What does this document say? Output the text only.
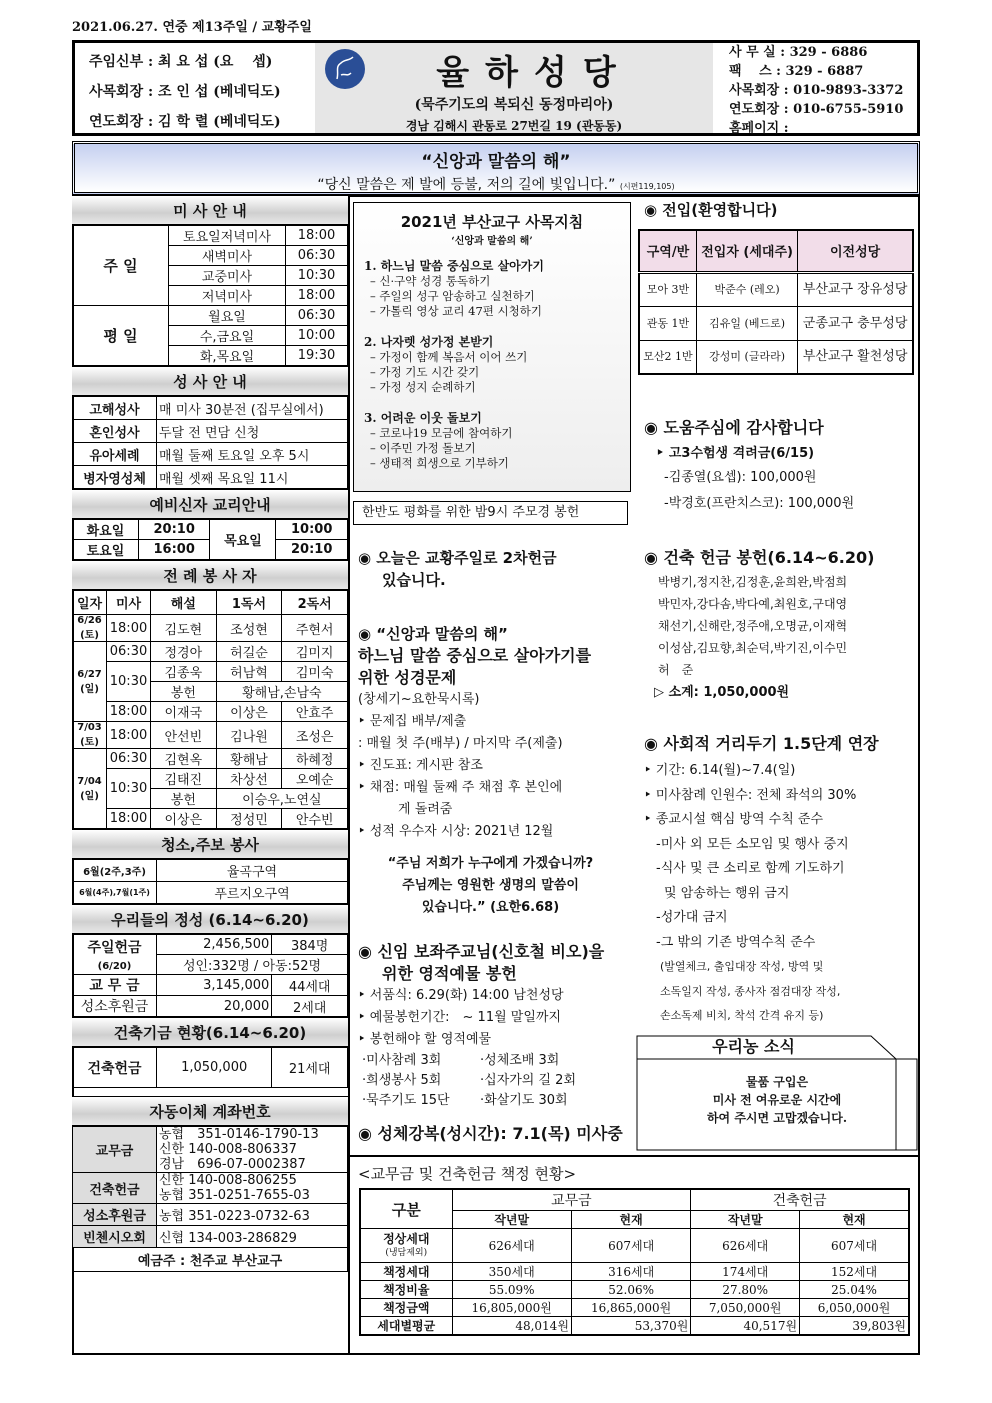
2021.06.27. 연중 제13주일 / 교황주일
주임신부 : 최 요 섭 (요　 셉)
사목회장 : 조 인 섭 (베네딕도)
연도회장 : 김 학 렬 (베네딕도)
율하성당
(묵주기도의 복되신 동정마리아)
경남 김해시 관동로 27번길 19 (관동동)
사 무 실 : 329 - 6886
팩　 스 : 329 - 6887
사목회장 : 010-9893-3372
연도회장 : 010-6755-5910
홈페이지 :
“신앙과 말씀의 해”
“당신 말씀은 제 발에 등불, 저의 길에 빛입니다.” (시편119,105)
미 사 안 내
주 일	토요일저녁미사	18:00
	새벽미사	06:30
	교중미사	10:30
	저녁미사	18:00
평 일	월요일	06:30
	수,금요일	10:00
	화,목요일	19:30
성 사 안 내
고해성사	매 미사 30분전 (집무실에서)
혼인성사	두달 전 면담 신청
유아세례	매월 둘째 토요일 오후 5시
병자영성체	매월 셋째 목요일 11시
예비신자 교리안내
화요일	20:10	목요일	10:00
토요일	16:00		20:10
전 례 봉 사 자
일자	미사	해설	1독서	2독서
6/26 (토)	18:00	김도현	조성현	주현서
6/27 (일)	06:30	정경아	허길순	김미지
	10:30	김종욱	허남혁	김미숙
		봉헌	황해남,손남숙	
	18:00	이재국	이상은	안효주
7/03 (토)	18:00	안선빈	김나원	조성은
7/04 (일)	06:30	김현옥	황해남	하혜정
	10:30	김태진	차상선	오예순
		봉헌	이승우,노연실	
	18:00	이상은	정성민	안수빈
청소,주보 봉사
6월(2주,3주)	율곡구역
6월(4주),7월(1주)	푸르지오구역
우리들의 정성 (6.14~6.20)
주일헌금
(6/20)	2,456,500	384명
	성인:332명 / 아동:52명	
교 무 금	3,145,000	44세대
성소후원금	20,000	2세대
건축기금 현황(6.14~6.20)
건축헌금	1,050,000	21세대
자동이체 계좌번호
교무금	농협　351-0146-1790-13
신한 140-008-806337
경남　696-07-0002387

건축헌금	신한 140-008-806255
농협 351-0251-7655-03

성소후원금	농협 351-0223-0732-63
빈첸시오회	신협 134-003-286829
예금주 : 천주교 부산교구	
2021년 부산교구 사목지침
‘신앙과 말씀의 해’
1. 하느님 말씀 중심으로 살아가기
– 신·구약 성경 통독하기
– 주일의 성구 암송하고 실천하기
– 가톨릭 영상 교리 47편 시청하기
2. 나자렛 성가정 본받기
– 가정이 함께 복음서 이어 쓰기
– 가정 기도 시간 갖기
– 가정 성지 순례하기
3. 어려운 이웃 돌보기
– 코로나19 모금에 참여하기
– 이주민 가정 돌보기
– 생태적 희생으로 기부하기
한반도 평화를 위한 밤9시 주모경 봉헌
◉ 오늘은 교황주일로 2차헌금
있습니다.
◉ “신앙과 말씀의 해”
하느님 말씀 중심으로 살아가기를
위한 성경문제
(창세기~요한묵시록)
‣ 문제집 배부/제출
: 매월 첫 주(배부) / 마지막 주(제출)
‣ 진도표: 게시판 참조
‣ 채점: 매월 둘째 주 채점 후 본인에
게 돌려줌
‣ 성적 우수자 시상: 2021년 12월
“주님 저희가 누구에게 가겠습니까?
주님께는 영원한 생명의 말씀이
있습니다.” (요한6.68)
◉ 신임 보좌주교님(신호철 비오)을
위한 영적예물 봉헌
‣ 서품식: 6.29(화) 14:00 남천성당
‣ 예물봉헌기간:　~ 11월 말일까지
‣ 봉헌해야 할 영적예물
·미사참례 3회	·성체조배 3회
·희생봉사 5회	·십자가의 길 2회
·묵주기도 15단	·화살기도 30회
◉ 성체강복(성시간): 7.1(목) 미사중
◉ 전입(환영합니다)
구역/반	전입자 (세대주)	이전성당
모아 3반	박준수 (레오)	부산교구 장유성당
관동 1반	김유일 (베드로)	군종교구 충무성당
모산2 1반	강성미 (글라라)	부산교구 활천성당
◉ 도움주심에 감사합니다
‣ 고3수험생 격려금(6/15)
-김종열(요셉): 100,000원
-박경호(프란치스코): 100,000원
◉ 건축 헌금 봉헌(6.14~6.20)
박병기,정지찬,김정훈,윤희완,박점희
박민자,강다솜,박다예,최원호,구대영
채선기,신해란,정주애,오명균,이재혁
이성삼,김묘향,최순덕,박기진,이수민
허　준
▷ 소계: 1,050,000원
◉ 사회적 거리두기 1.5단계 연장
‣ 기간: 6.14(월)~7.4(일)
‣ 미사참례 인원수: 전체 좌석의 30%
‣ 종교시설 핵심 방역 수칙 준수
-미사 외 모든 소모임 및 행사 중지
-식사 및 큰 소리로 함께 기도하기
및 암송하는 행위 금지
-성가대 금지
-그 밖의 기존 방역수칙 준수
(발열체크, 출입대장 작성, 방역 및
소독일지 작성, 종사자 점검대장 작성,
손소독제 비치, 착석 간격 유지 등)
우리농 소식
물품 구입은
미사 전 여유로운 시간에
하여 주시면 고맙겠습니다.
<교무금 및 건축헌금 책정 현황>
구분	교무금		건축헌금	
	작년말	현재	작년말	현재

정상세대
(냉담제외)	626세대	607세대	626세대	607세대
책정세대	350세대	316세대	174세대	152세대
책정비율	55.09%	52.06%	27.80%	25.04%
책정금액	16,805,000원	16,865,000원	7,050,000원	6,050,000원
세대별평균	48,014원	53,370원	40,517원	39,803원
